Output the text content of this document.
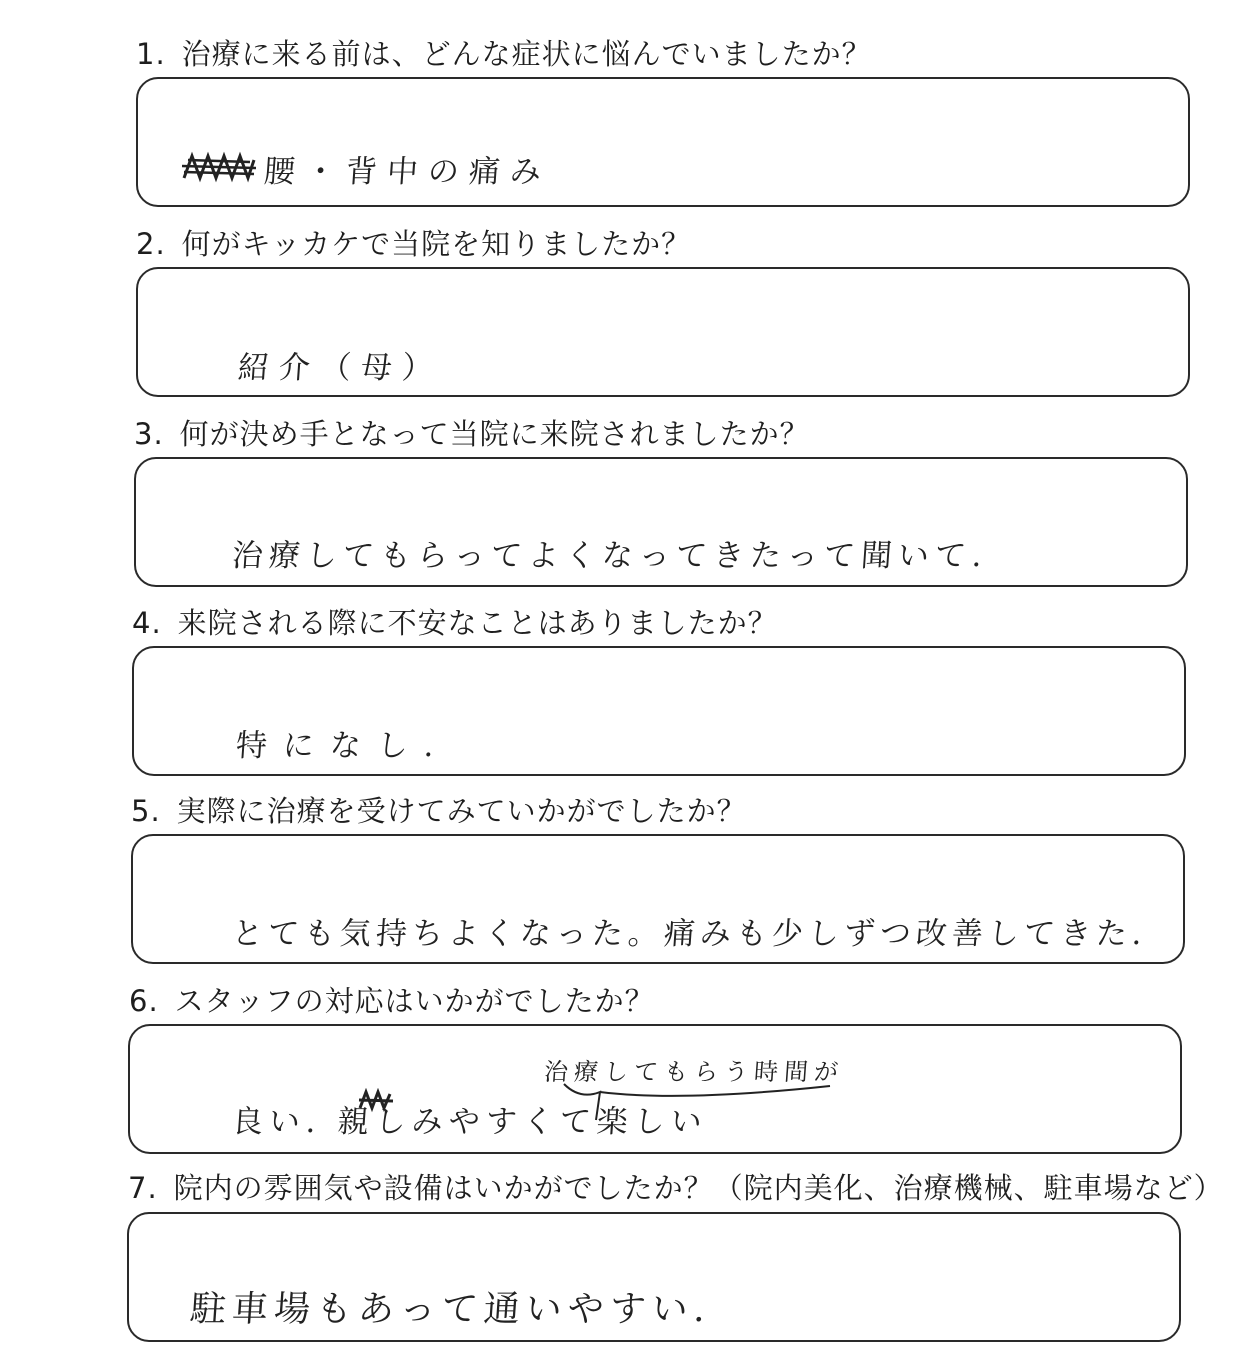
1. 治療に来る前は、どんな症状に悩んでいましたか？
腰・背中の痛み
2. 何がキッカケで当院を知りましたか？
紹介（母）
3. 何が決め手となって当院に来院されましたか？
治療してもらってよくなってきたって聞いて.
4. 来院される際に不安なことはありましたか？
特になし.
5. 実際に治療を受けてみていかがでしたか？
とても気持ちよくなった。痛みも少しずつ改善してきた.
6. スタッフの対応はいかがでしたか？
治療してもらう時間が
良い. 親しみやすくて楽しい
7. 院内の雰囲気や設備はいかがでしたか？（院内美化、治療機械、駐車場など）
駐車場もあって通いやすい.
